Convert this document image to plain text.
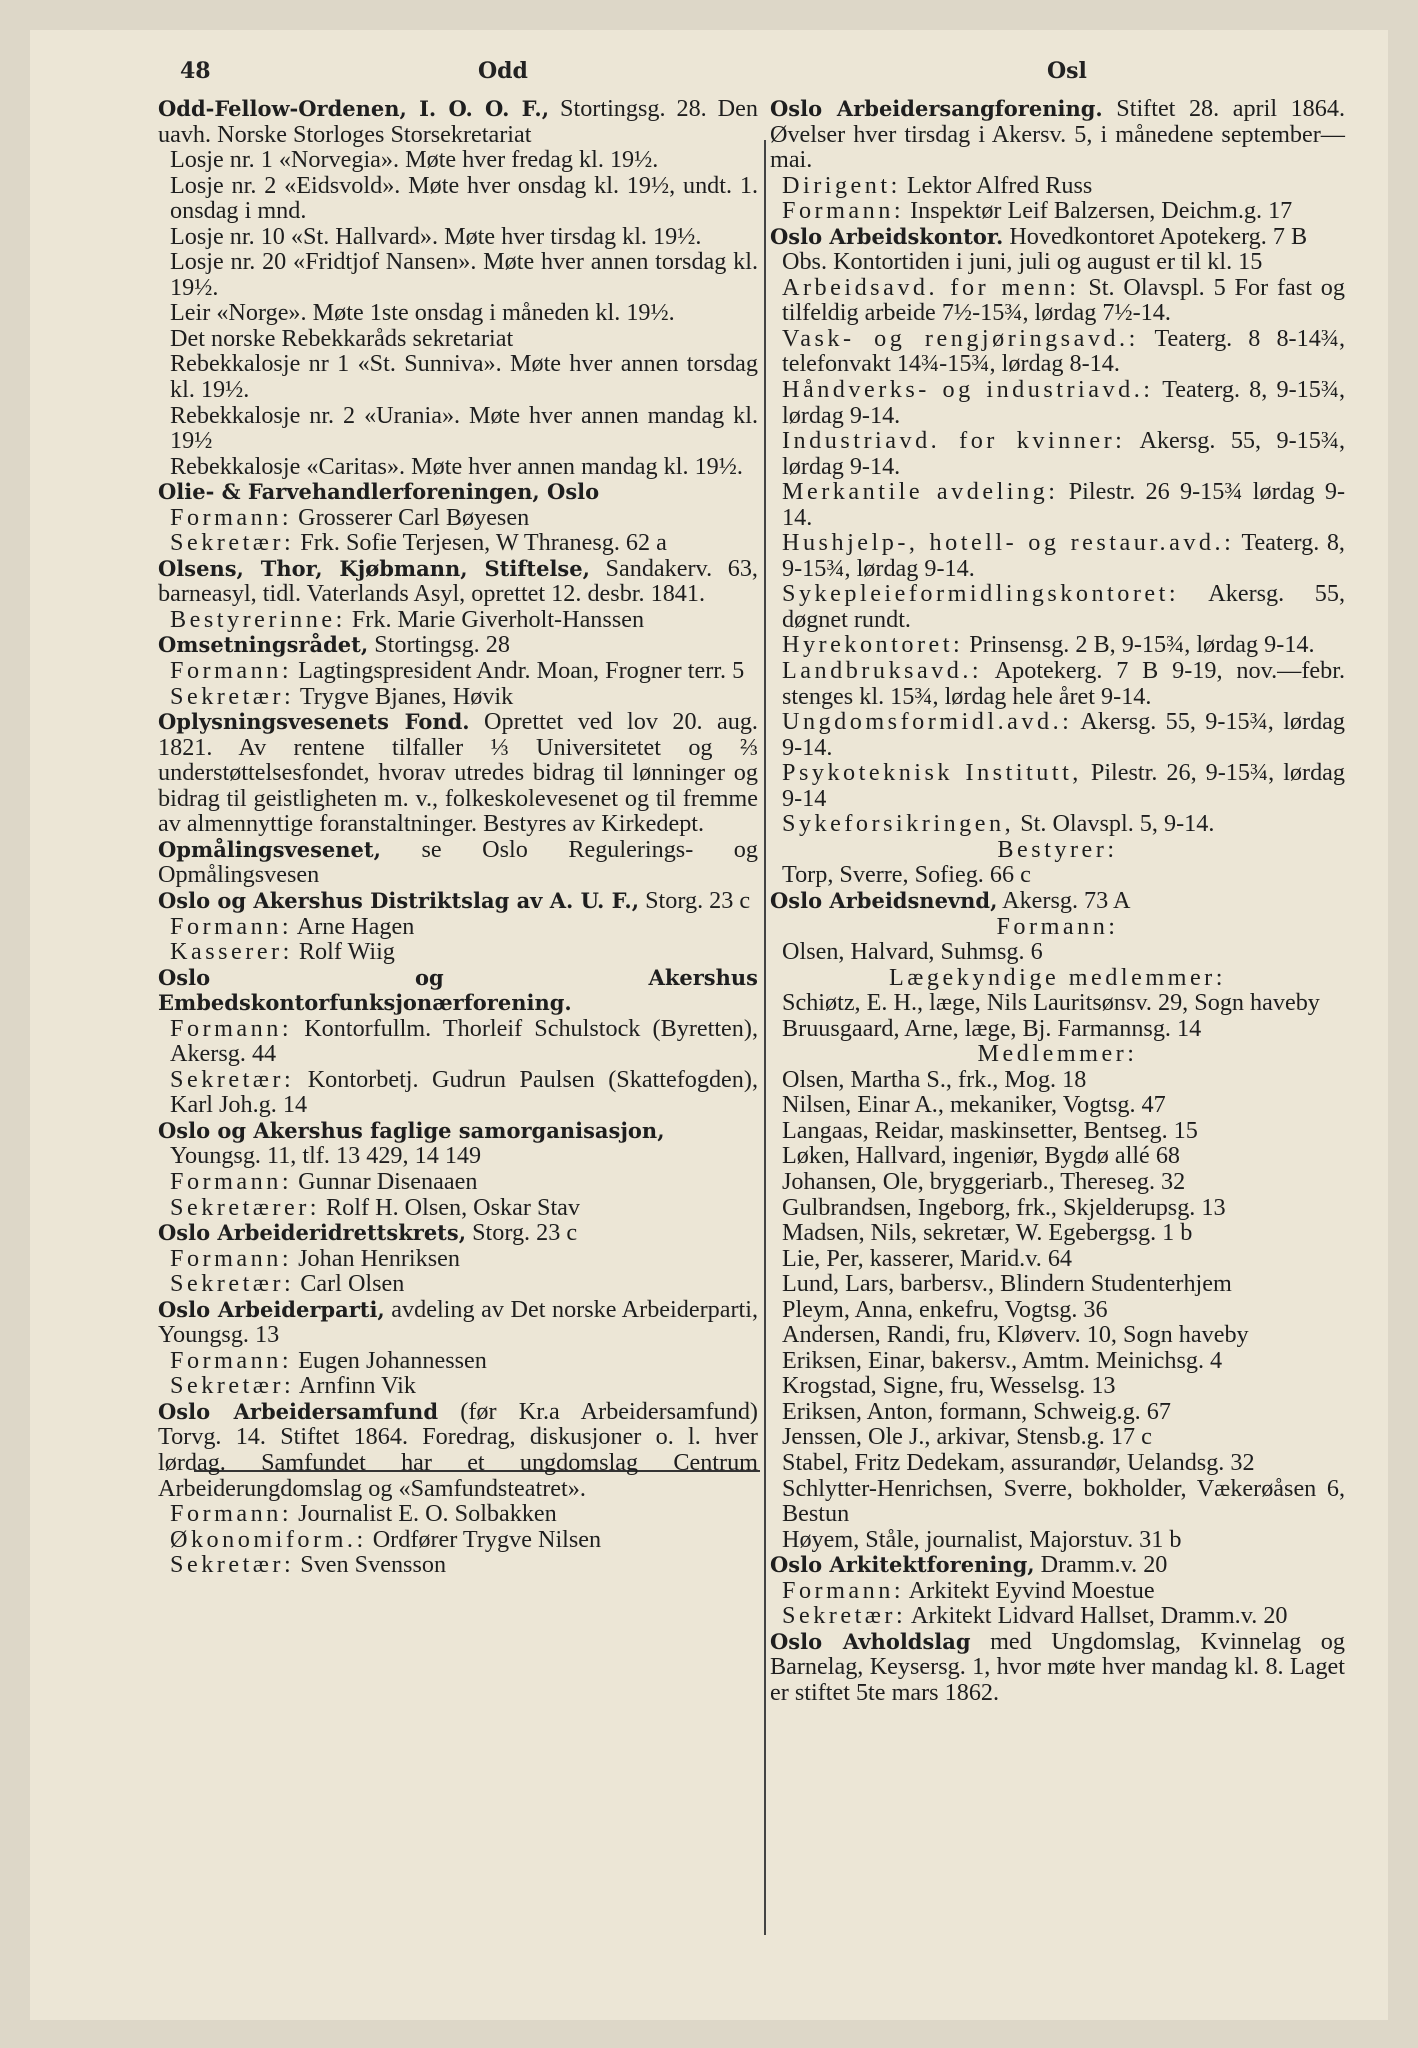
48	Odd	Osl

Odd-Fellow-Ordenen, I. O. O. F., Stortingsg. 28. Den uavh. Norske Storloges Storsekretariat

Losje nr. 1 «Norvegia». Møte hver fredag kl. 19½.

Losje nr. 2 «Eidsvold». Møte hver onsdag kl. 19½, undt. 1. onsdag i mnd.

Losje nr. 10 «St. Hallvard». Møte hver tirsdag kl. 19½.

Losje nr. 20 «Fridtjof Nansen». Møte hver annen torsdag kl. 19½.

Leir «Norge». Møte 1ste onsdag i måneden kl. 19½.

Det norske Rebekkaråds sekretariat

Rebekkalosje nr 1 «St. Sunniva». Møte hver annen torsdag kl. 19½.

Rebekkalosje nr. 2 «Urania». Møte hver annen mandag kl. 19½

Rebekkalosje «Caritas». Møte hver annen mandag kl. 19½.

Olie- & Farvehandlerforeningen, Oslo

Formann: Grosserer Carl Bøyesen

Sekretær: Frk. Sofie Terjesen, W Thranesg. 62 a

Olsens, Thor, Kjøbmann, Stiftelse, Sandakerv. 63, barneasyl, tidl. Vaterlands Asyl, oprettet 12. desbr. 1841.

Bestyrerinne: Frk. Marie Giverholt-Hanssen

Omsetningsrådet, Stortingsg. 28

Formann: Lagtingspresident Andr. Moan, Frogner terr. 5

Sekretær: Trygve Bjanes, Høvik

Oplysningsvesenets Fond. Oprettet ved lov 20. aug. 1821. Av rentene tilfaller ⅓ Universitetet og ⅔ understøttelsesfondet, hvorav utredes bidrag til lønninger og bidrag til geistligheten m. v., folkeskolevesenet og til fremme av almennyttige foranstaltninger. Bestyres av Kirkedept.

Opmålingsvesenet, se Oslo Regulerings- og Opmålingsvesen

Oslo og Akershus Distriktslag av A. U. F., Storg. 23 c

Formann: Arne Hagen

Kasserer: Rolf Wiig

Oslo og Akershus Embedskontorfunksjonærforening.

Formann: Kontorfullm. Thorleif Schulstock (Byretten), Akersg. 44

Sekretær: Kontorbetj. Gudrun Paulsen (Skattefogden), Karl Joh.g. 14

Oslo og Akershus faglige samorganisasjon,

Youngsg. 11, tlf. 13 429, 14 149

Formann: Gunnar Disenaaen

Sekretærer: Rolf H. Olsen, Oskar Stav

Oslo Arbeideridrettskrets, Storg. 23 c

Formann: Johan Henriksen

Sekretær: Carl Olsen

Oslo Arbeiderparti, avdeling av Det norske Arbeiderparti, Youngsg. 13

Formann: Eugen Johannessen

Sekretær: Arnfinn Vik

Oslo Arbeidersamfund (før Kr.a Arbeidersamfund) Torvg. 14. Stiftet 1864. Foredrag, diskusjoner o. l. hver lørdag. Samfundet har et ungdomslag Centrum Arbeiderungdomslag og «Samfundsteatret».

Formann: Journalist E. O. Solbakken

Økonomiform.: Ordfører Trygve Nilsen

Sekretær: Sven Svensson

Oslo Arbeidersangforening. Stiftet 28. april 1864. Øvelser hver tirsdag i Akersv. 5, i månedene september—mai.

Dirigent: Lektor Alfred Russ

Formann: Inspektør Leif Balzersen, Deichm.g. 17

Oslo Arbeidskontor. Hovedkontoret Apotekerg. 7 B

Obs. Kontortiden i juni, juli og august er til kl. 15

Arbeidsavd. for menn: St. Olavspl. 5 For fast og tilfeldig arbeide 7½-15¾, lørdag 7½-14.

Vask- og rengjøringsavd.: Teaterg. 8 8-14¾, telefonvakt 14¾-15¾, lørdag 8-14.

Håndverks- og industriavd.: Teaterg. 8, 9-15¾, lørdag 9-14.

Industriavd. for kvinner: Akersg. 55, 9-15¾, lørdag 9-14.

Merkantile avdeling: Pilestr. 26 9-15¾ lørdag 9-14.

Hushjelp-, hotell- og restaur.avd.: Teaterg. 8, 9-15¾, lørdag 9-14.

Sykepleieformidlingskontoret: Akersg. 55, døgnet rundt.

Hyrekontoret: Prinsensg. 2 B, 9-15¾, lørdag 9-14.

Landbruksavd.: Apotekerg. 7 B 9-19, nov.—febr. stenges kl. 15¾, lørdag hele året 9-14.

Ungdomsformidl.avd.: Akersg. 55, 9-15¾, lørdag 9-14.

Psykoteknisk Institutt, Pilestr. 26, 9-15¾, lørdag 9-14

Sykeforsikringen, St. Olavspl. 5, 9-14.

Bestyrer:

Torp, Sverre, Sofieg. 66 c

Oslo Arbeidsnevnd, Akersg. 73 A

Formann:

Olsen, Halvard, Suhmsg. 6

Lægekyndige medlemmer:

Schiøtz, E. H., læge, Nils Lauritsønsv. 29, Sogn haveby

Bruusgaard, Arne, læge, Bj. Farmannsg. 14

Medlemmer:

Olsen, Martha S., frk., Mog. 18

Nilsen, Einar A., mekaniker, Vogtsg. 47

Langaas, Reidar, maskinsetter, Bentseg. 15

Løken, Hallvard, ingeniør, Bygdø allé 68

Johansen, Ole, bryggeriarb., Thereseg. 32

Gulbrandsen, Ingeborg, frk., Skjelderupsg. 13

Madsen, Nils, sekretær, W. Egebergsg. 1 b

Lie, Per, kasserer, Marid.v. 64

Lund, Lars, barbersv., Blindern Studenterhjem

Pleym, Anna, enkefru, Vogtsg. 36

Andersen, Randi, fru, Kløverv. 10, Sogn haveby

Eriksen, Einar, bakersv., Amtm. Meinichsg. 4

Krogstad, Signe, fru, Wesselsg. 13

Eriksen, Anton, formann, Schweig.g. 67

Jenssen, Ole J., arkivar, Stensb.g. 17 c

Stabel, Fritz Dedekam, assurandør, Uelandsg. 32

Schlytter-Henrichsen, Sverre, bokholder, Vækerøåsen 6, Bestun

Høyem, Ståle, journalist, Majorstuv. 31 b

Oslo Arkitektforening, Dramm.v. 20

Formann: Arkitekt Eyvind Moestue

Sekretær: Arkitekt Lidvard Hallset, Dramm.v. 20

Oslo Avholdslag med Ungdomslag, Kvinnelag og Barnelag, Keysersg. 1, hvor møte hver mandag kl. 8. Laget er stiftet 5te mars 1862.
